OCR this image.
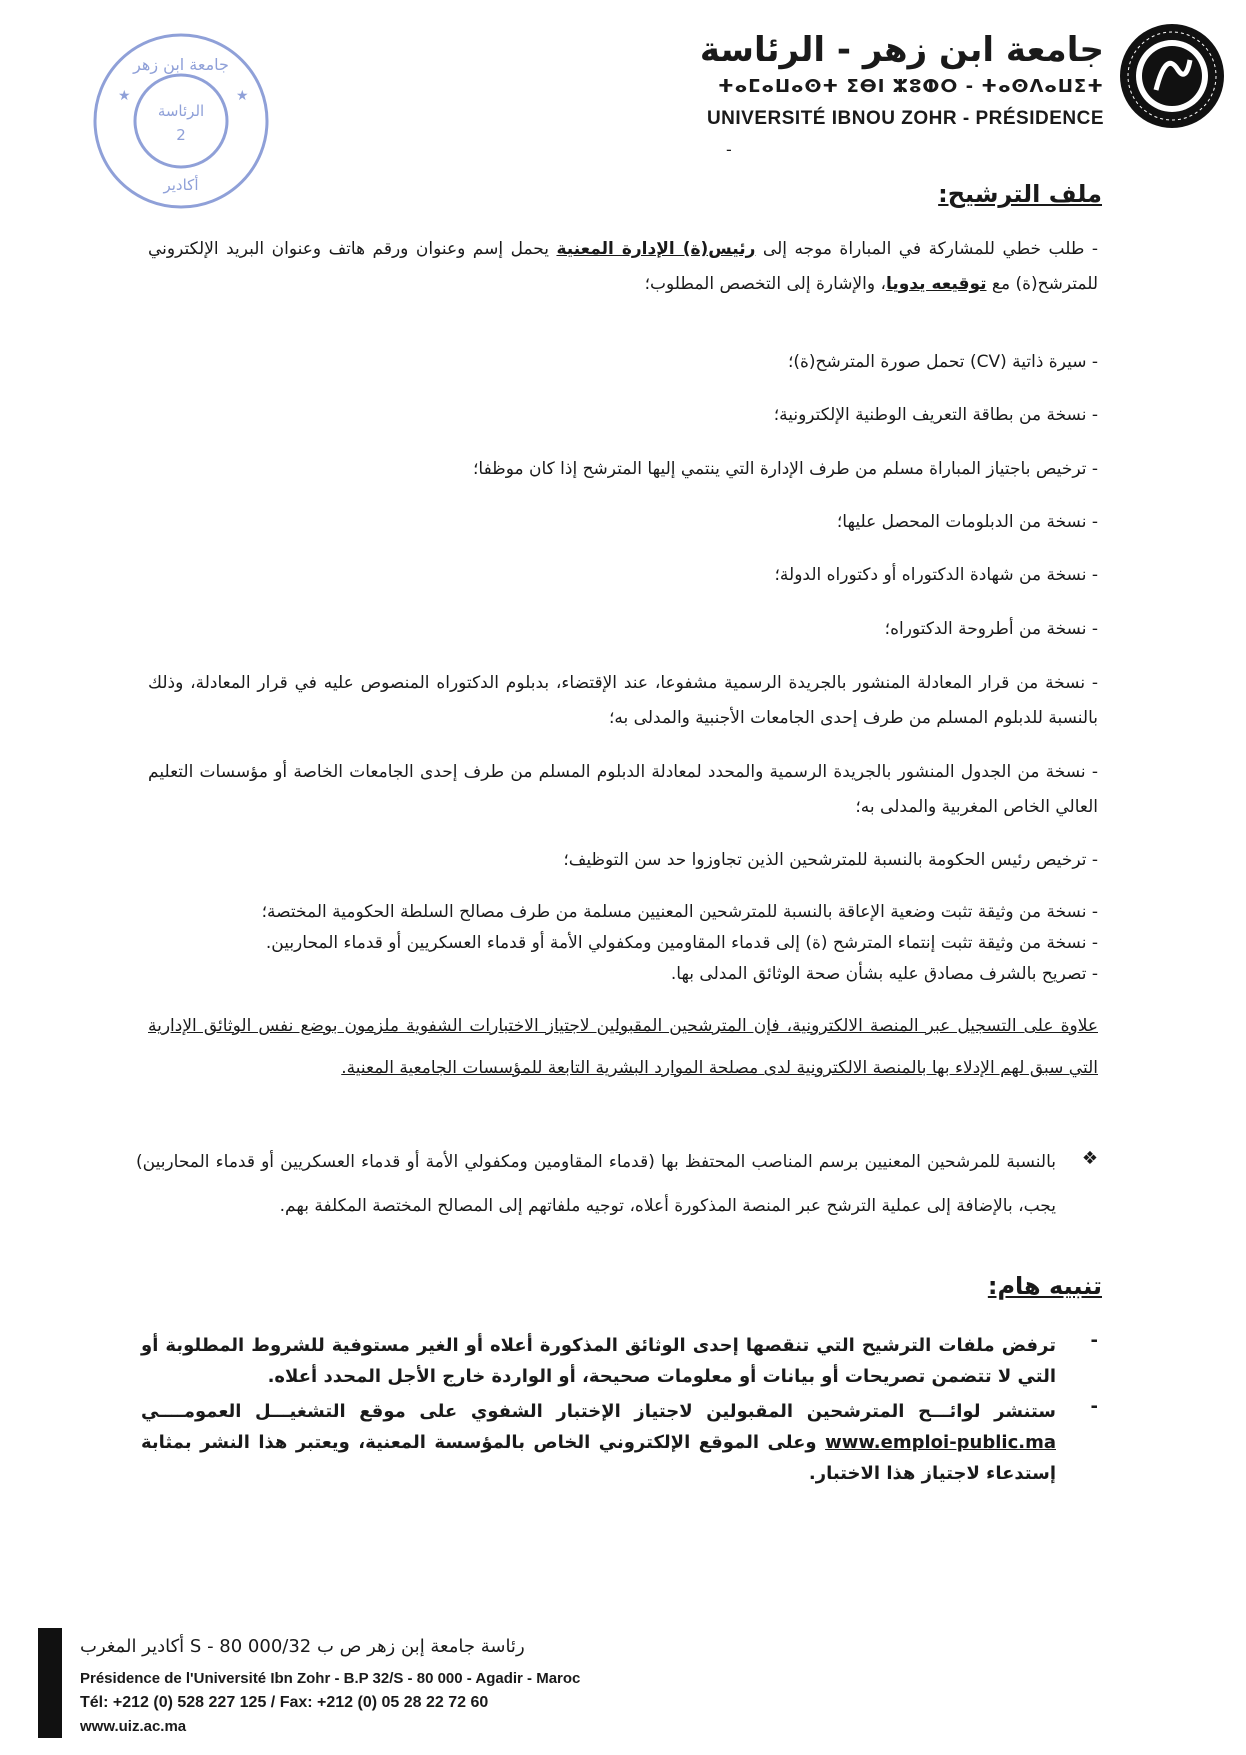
جامعة ابن زهر - الرئاسة
ⵜⴰⵎⴰⵡⴰⵙⵜ ⵉⴱⵏ ⵣⵓⵀⵔ - ⵜⴰⵙⴷⴰⵡⵉⵜ
UNIVERSITÉ IBNOU ZOHR - PRÉSIDENCE
-
جامعة ابن زهر
الرئاسة
2
أكادير
★	★
ملف الترشيح:
- طلب خطي للمشاركة في المباراة موجه إلى رئيس(ة) الإدارة المعنية يحمل إسم وعنوان ورقم هاتف وعنوان البريد الإلكتروني للمترشح(ة) مع توقيعه يدويا، والإشارة إلى التخصص المطلوب؛
- سيرة ذاتية (CV) تحمل صورة المترشح(ة)؛
- نسخة من بطاقة التعريف الوطنية الإلكترونية؛
- ترخيص باجتياز المباراة مسلم من طرف الإدارة التي ينتمي إليها المترشح إذا كان موظفا؛
- نسخة من الدبلومات المحصل عليها؛
- نسخة من شهادة الدكتوراه أو دكتوراه الدولة؛
- نسخة من أطروحة الدكتوراه؛
- نسخة من قرار المعادلة المنشور بالجريدة الرسمية مشفوعا، عند الإقتضاء، بدبلوم الدكتوراه المنصوص عليه في قرار المعادلة، وذلك بالنسبة للدبلوم المسلم من طرف إحدى الجامعات الأجنبية والمدلى به؛
- نسخة من الجدول المنشور بالجريدة الرسمية والمحدد لمعادلة الدبلوم المسلم من طرف إحدى الجامعات الخاصة أو مؤسسات التعليم العالي الخاص المغربية والمدلى به؛
- ترخيص رئيس الحكومة بالنسبة للمترشحين الذين تجاوزوا حد سن التوظيف؛
- نسخة من وثيقة تثبت وضعية الإعاقة بالنسبة للمترشحين المعنيين مسلمة من طرف مصالح السلطة الحكومية المختصة؛
- نسخة من وثيقة تثبت إنتماء المترشح (ة) إلى قدماء المقاومين ومكفولي الأمة أو قدماء العسكريين أو قدماء المحاربين.
- تصريح بالشرف مصادق عليه بشأن صحة الوثائق المدلى بها.
علاوة على التسجيل عبر المنصة الالكترونية، فإن المترشحين المقبولين لاجتياز الاختبارات الشفوية ملزمون بوضع نفس الوثائق الإدارية التي سبق لهم الإدلاء بها بالمنصة الالكترونية لدى مصلحة الموارد البشرية التابعة للمؤسسات الجامعية المعنية.
بالنسبة للمرشحين المعنيين برسم المناصب المحتفظ بها (قدماء المقاومين ومكفولي الأمة أو قدماء العسكريين أو قدماء المحاربين) يجب، بالإضافة إلى عملية الترشح عبر المنصة المذكورة أعلاه، توجيه ملفاتهم إلى المصالح المختصة المكلفة بهم.
❖
تنبيه هام:
ترفض ملفات الترشيح التي تنقصها إحدى الوثائق المذكورة أعلاه أو الغير مستوفية للشروط المطلوبة أو التي لا تتضمن تصريحات أو بيانات أو معلومات صحيحة، أو الواردة خارج الأجل المحدد أعلاه.
-
ستنشر لوائـــح المترشحين المقبولين لاجتياز الإختبار الشفوي على موقع التشغيـــل العمومــــي www.emploi-public.ma وعلى الموقع الإلكتروني الخاص بالمؤسسة المعنية، ويعتبر هذا النشر بمثابة إستدعاء لاجتياز هذا الاختبار.
-
رئاسة جامعة إبن زهر ص ب 32/S - 80 000 أكادير المغرب
Présidence de l'Université Ibn Zohr - B.P 32/S - 80 000 - Agadir - Maroc
Tél: +212 (0) 528 227 125 / Fax: +212 (0) 05 28 22 72 60
www.uiz.ac.ma
